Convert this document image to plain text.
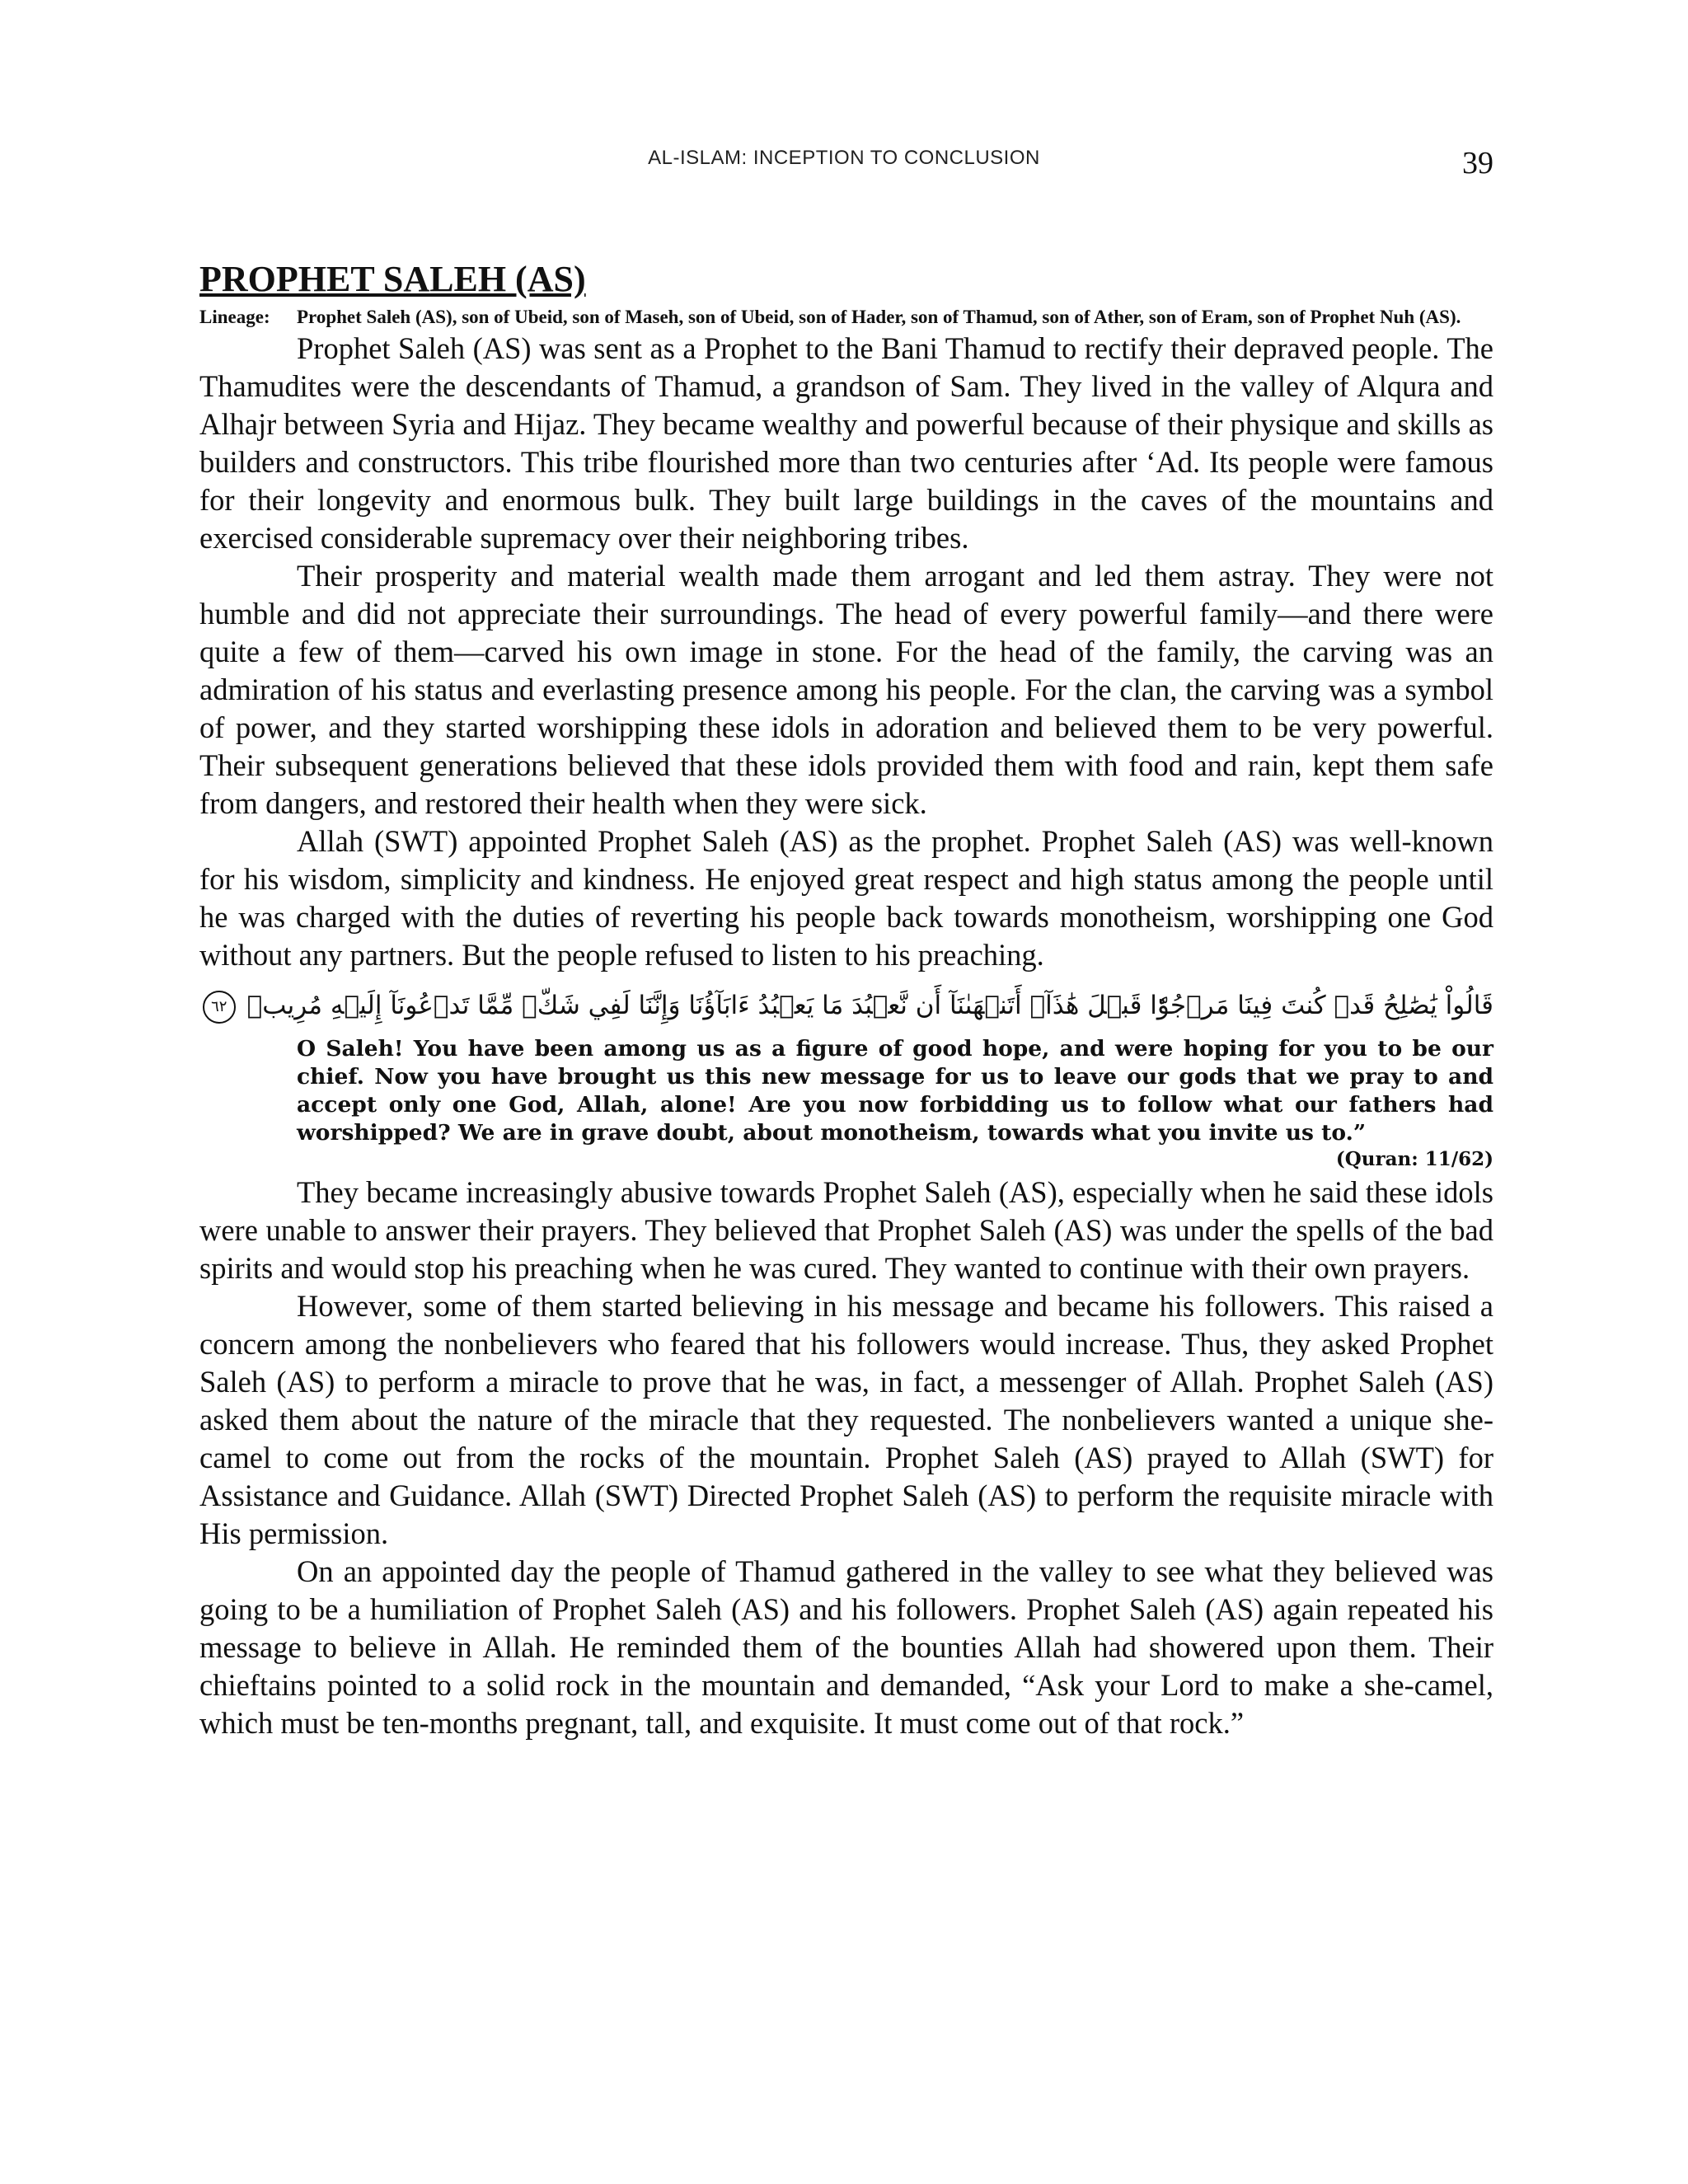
AL-ISLAM: INCEPTION TO CONCLUSION	39
PROPHET SALEH (AS)
Lineage:	Prophet Saleh (AS), son of Ubeid, son of Maseh, son of Ubeid, son of Hader, son of Thamud, son of Ather, son of Eram, son of Prophet Nuh (AS).

Prophet Saleh (AS) was sent as a Prophet to the Bani Thamud to rectify their depraved people. The Thamudites were the descendants of Thamud, a grandson of Sam. They lived in the valley of Alqura and Alhajr between Syria and Hijaz. They became wealthy and powerful because of their physique and skills as builders and constructors. This tribe flourished more than two centuries after ‘Ad. Its people were famous for their longevity and enormous bulk. They built large buildings in the caves of the mountains and exercised considerable supremacy over their neighboring tribes.

Their prosperity and material wealth made them arrogant and led them astray. They were not humble and did not appreciate their surroundings. The head of every powerful family—and there were quite a few of them—carved his own image in stone. For the head of the family, the carving was an admiration of his status and everlasting presence among his people. For the clan, the carving was a symbol of power, and they started worshipping these idols in adoration and believed them to be very powerful. Their subsequent generations believed that these idols provided them with food and rain, kept them safe from dangers, and restored their health when they were sick.

Allah (SWT) appointed Prophet Saleh (AS) as the prophet. Prophet Saleh (AS) was well-known for his wisdom, simplicity and kindness. He enjoyed great respect and high status among the people until he was charged with the duties of reverting his people back towards monotheism, worshipping one God without any partners. But the people refused to listen to his preaching.

قَالُواْ يَٰصَٰلِحُ قَدۡ كُنتَ فِينَا مَرۡجُوّٗا قَبۡلَ هَٰذَآۖ أَتَنۡهَىٰنَآ أَن نَّعۡبُدَ مَا يَعۡبُدُ ءَابَآؤُنَا وَإِنَّنَا لَفِي شَكّٖ مِّمَّا تَدۡعُونَآ إِلَيۡهِ مُرِيبٖ ٦٢

O Saleh! You have been among us as a figure of good hope, and were hoping for you to be our chief. Now you have brought us this new message for us to leave our gods that we pray to and accept only one God, Allah, alone! Are you now forbidding us to follow what our fathers had worshipped? We are in grave doubt, about monotheism, towards what you invite us to.”

(Quran: 11/62)

They became increasingly abusive towards Prophet Saleh (AS), especially when he said these idols were unable to answer their prayers. They believed that Prophet Saleh (AS) was under the spells of the bad spirits and would stop his preaching when he was cured. They wanted to continue with their own prayers.

However, some of them started believing in his message and became his followers. This raised a concern among the nonbelievers who feared that his followers would increase. Thus, they asked Prophet Saleh (AS) to perform a miracle to prove that he was, in fact, a messenger of Allah. Prophet Saleh (AS) asked them about the nature of the miracle that they requested. The nonbelievers wanted a unique she-camel to come out from the rocks of the mountain. Prophet Saleh (AS) prayed to Allah (SWT) for Assistance and Guidance. Allah (SWT) Directed Prophet Saleh (AS) to perform the requisite miracle with His permission.

On an appointed day the people of Thamud gathered in the valley to see what they believed was going to be a humiliation of Prophet Saleh (AS) and his followers. Prophet Saleh (AS) again repeated his message to believe in Allah. He reminded them of the bounties Allah had showered upon them. Their chieftains pointed to a solid rock in the mountain and demanded, “Ask your Lord to make a she-camel, which must be ten-months pregnant, tall, and exquisite. It must come out of that rock.”
